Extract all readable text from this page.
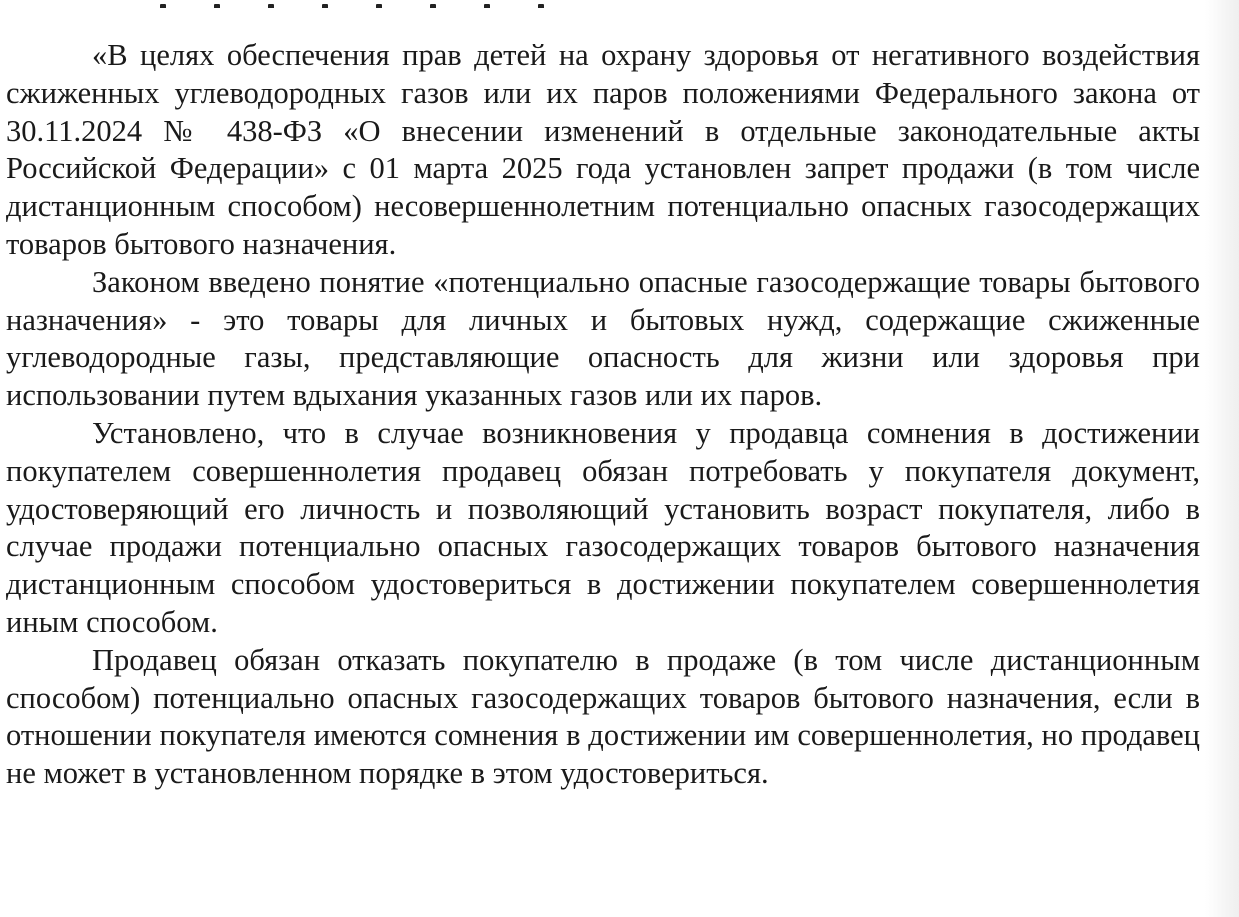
«В целях обеспечения прав детей на охрану здоровья от негативного воздействия сжиженных углеводородных газов или их паров положениями Федерального закона от 30.11.2024 № 438-ФЗ «О внесении изменений в отдельные законодательные акты Российской Федерации» с 01 марта 2025 года установлен запрет продажи (в том числе дистанционным способом) несовершеннолетним потенциально опасных газосодержащих товаров бытового назначения.

Законом введено понятие «потенциально опасные газосодержащие товары бытового назначения» - это товары для личных и бытовых нужд, содержащие сжиженные углеводородные газы, представляющие опасность для жизни или здоровья при использовании путем вдыхания указанных газов или их паров.

Установлено, что в случае возникновения у продавца сомнения в достижении покупателем совершеннолетия продавец обязан потребовать у покупателя документ, удостоверяющий его личность и позволяющий установить возраст покупателя, либо в случае продажи потенциально опасных газосодержащих товаров бытового назначения дистанционным способом удостовериться в достижении покупателем совершеннолетия иным способом.

Продавец обязан отказать покупателю в продаже (в том числе дистанционным способом) потенциально опасных газосодержащих товаров бытового назначения, если в отношении покупателя имеются сомнения в достижении им совершеннолетия, но продавец не может в установленном порядке в этом удостовериться.
